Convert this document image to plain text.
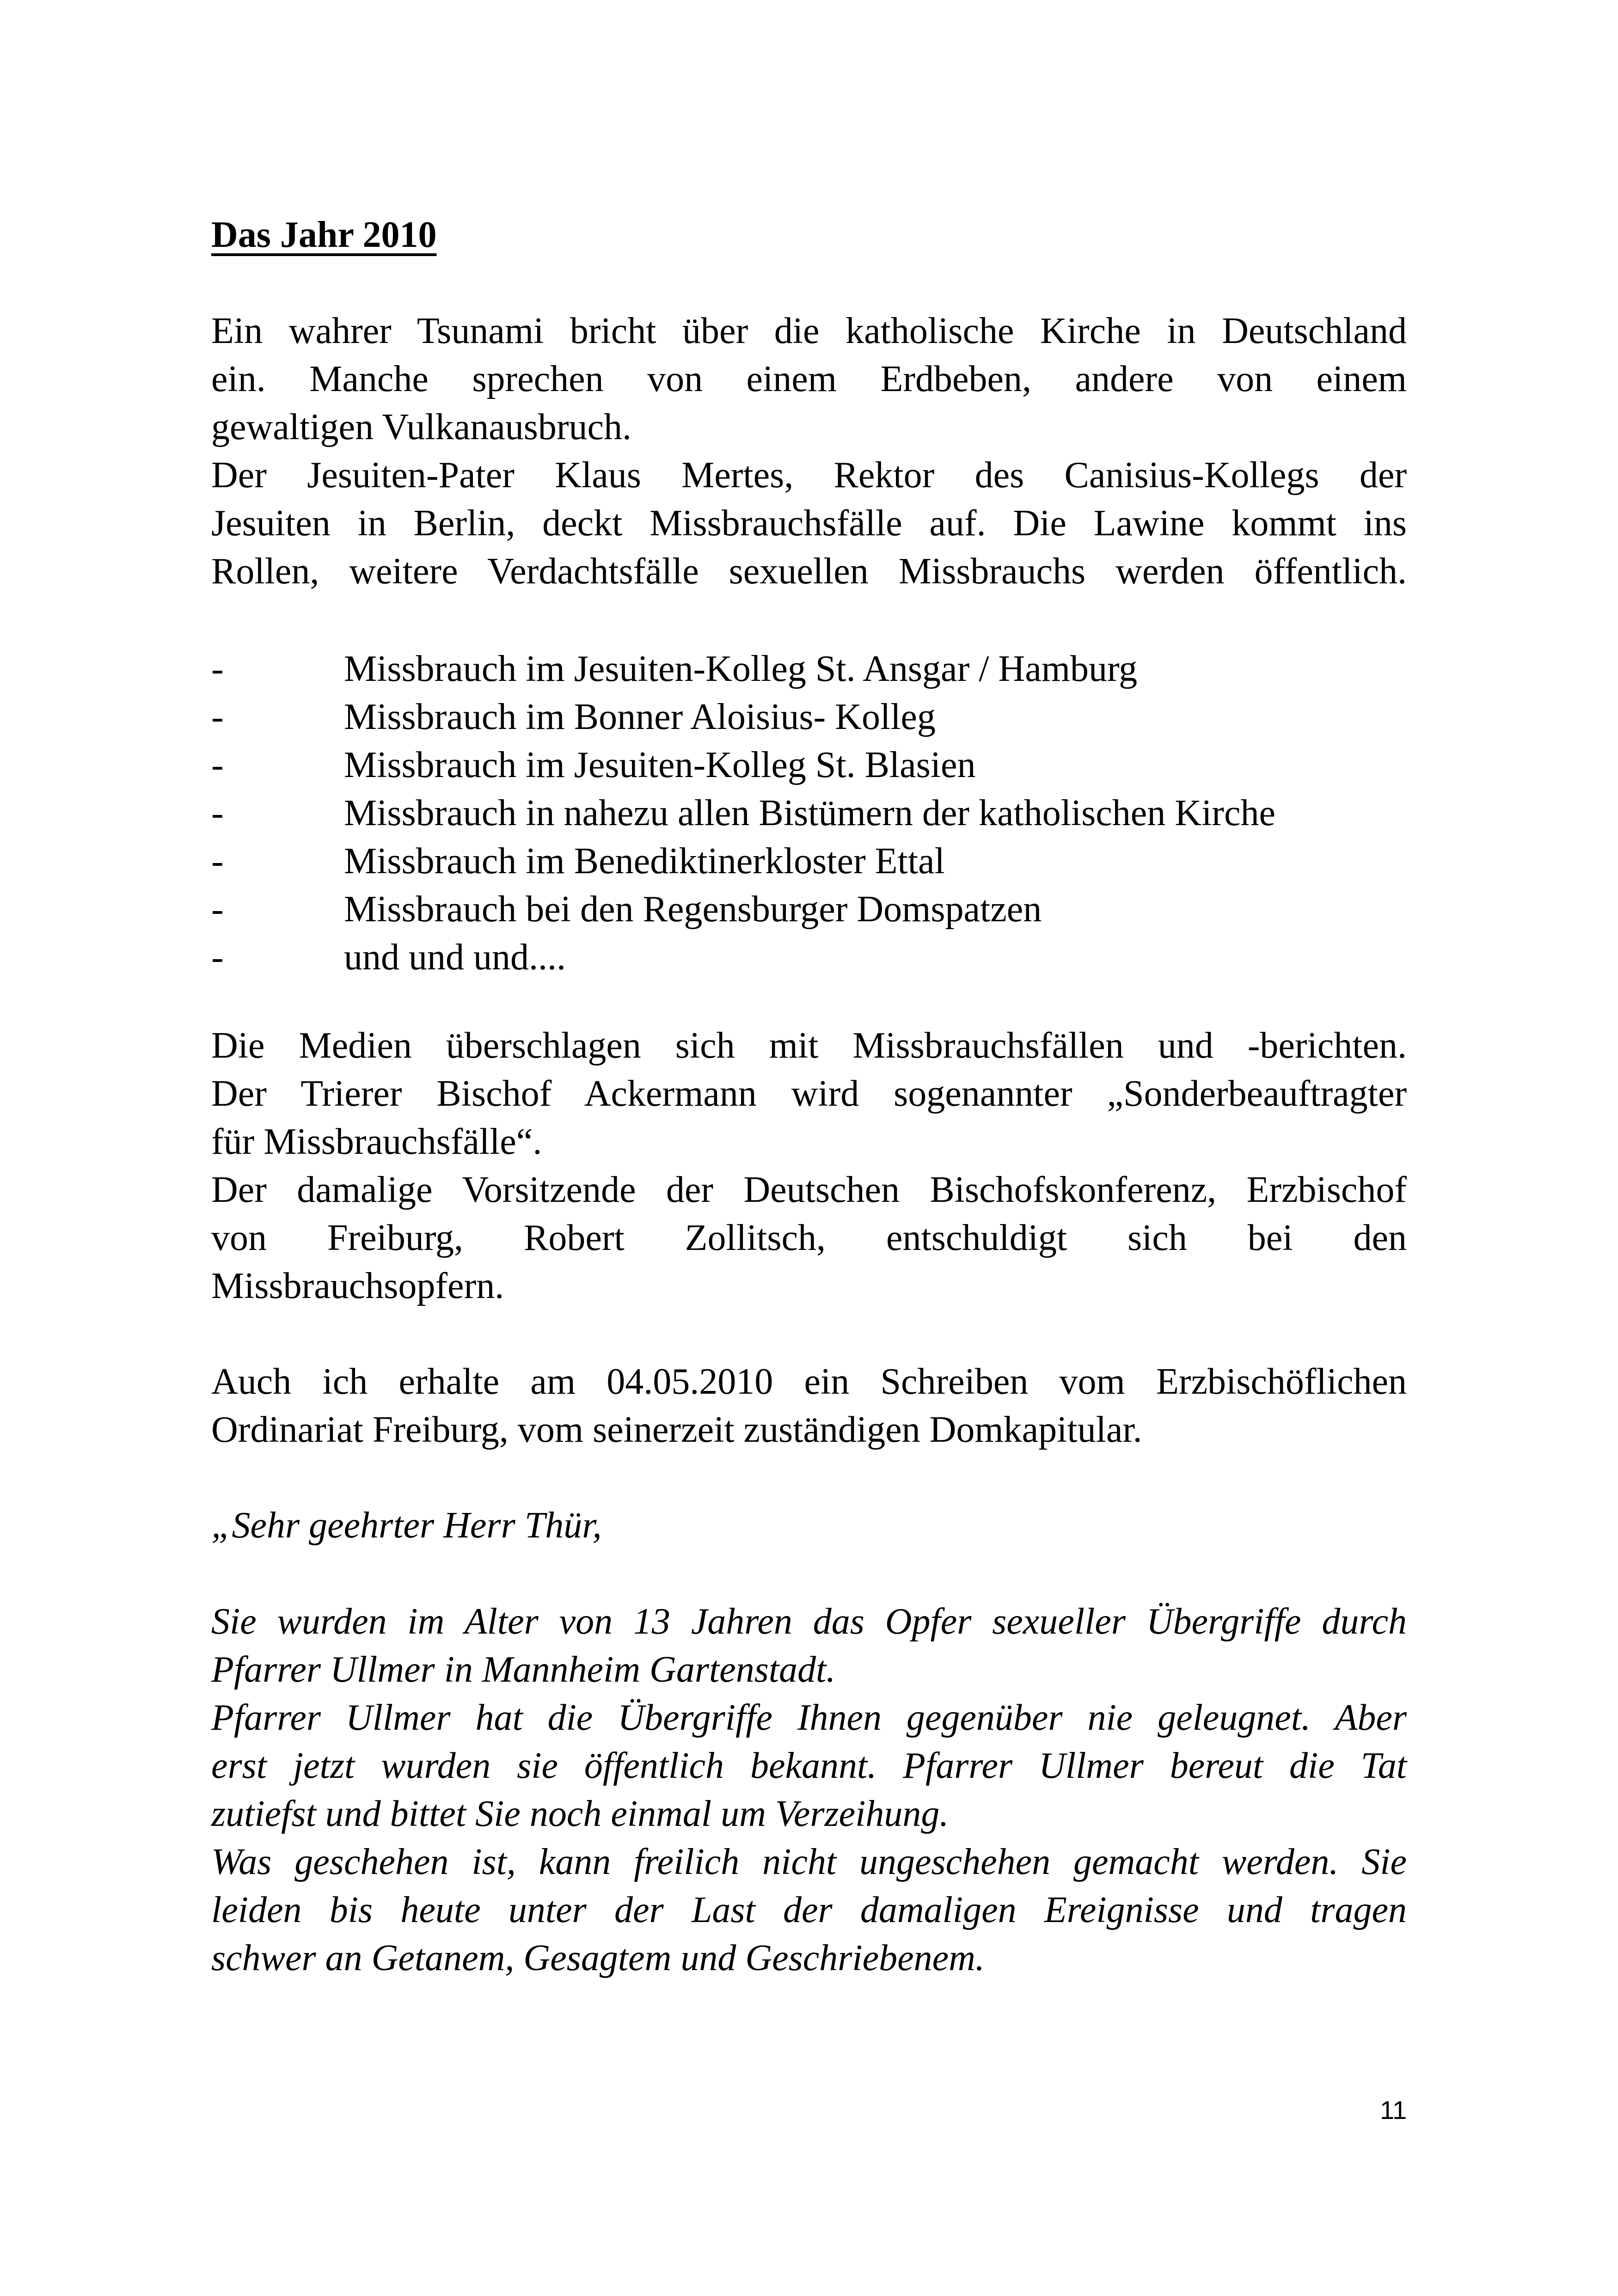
Das Jahr 2010
Ein wahrer Tsunami bricht über die katholische Kirche in Deutschland
ein. Manche sprechen von einem Erdbeben, andere von einem
gewaltigen Vulkanausbruch.
Der Jesuiten-Pater Klaus Mertes, Rektor des Canisius-Kollegs der
Jesuiten in Berlin, deckt Missbrauchsfälle auf. Die Lawine kommt ins
Rollen, weitere Verdachtsfälle sexuellen Missbrauchs werden öffentlich.
-	Missbrauch im Jesuiten-Kolleg St. Ansgar / Hamburg
-	Missbrauch im Bonner Aloisius- Kolleg
-	Missbrauch im Jesuiten-Kolleg St. Blasien
-	Missbrauch in nahezu allen Bistümern der katholischen Kirche
-	Missbrauch im Benediktinerkloster Ettal
-	Missbrauch bei den Regensburger Domspatzen
-	und und und....
Die Medien überschlagen sich mit Missbrauchsfällen und -berichten.
Der Trierer Bischof Ackermann wird sogenannter „Sonderbeauftragter
für Missbrauchsfälle“.
Der damalige Vorsitzende der Deutschen Bischofskonferenz, Erzbischof
von Freiburg, Robert Zollitsch, entschuldigt sich bei den
Missbrauchsopfern.
Auch ich erhalte am 04.05.2010 ein Schreiben vom Erzbischöflichen
Ordinariat Freiburg, vom seinerzeit zuständigen Domkapitular.
„Sehr geehrter Herr Thür,
Sie wurden im Alter von 13 Jahren das Opfer sexueller Übergriffe durch
Pfarrer Ullmer in Mannheim Gartenstadt.
Pfarrer Ullmer hat die Übergriffe Ihnen gegenüber nie geleugnet. Aber
erst jetzt wurden sie öffentlich bekannt. Pfarrer Ullmer bereut die Tat
zutiefst und bittet Sie noch einmal um Verzeihung.
Was geschehen ist, kann freilich nicht ungeschehen gemacht werden. Sie
leiden bis heute unter der Last der damaligen Ereignisse und tragen
schwer an Getanem, Gesagtem und Geschriebenem.
11
